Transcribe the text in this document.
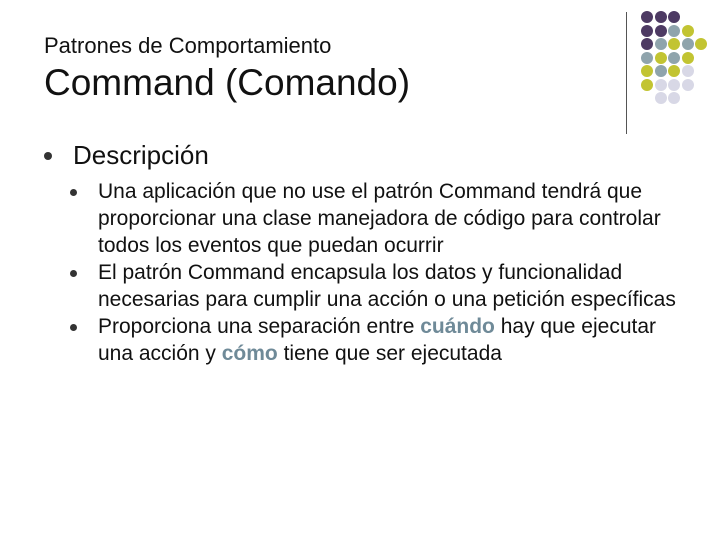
Patrones de Comportamiento
Command (Comando)
Descripción
Una aplicación que no use el patrón Command tendrá que proporcionar una clase manejadora de código para controlar todos los eventos que puedan ocurrir
El patrón Command encapsula los datos y funcionalidad necesarias para cumplir una acción o una petición específicas
Proporciona una separación entre cuándo hay que ejecutar una acción y cómo tiene que ser ejecutada
